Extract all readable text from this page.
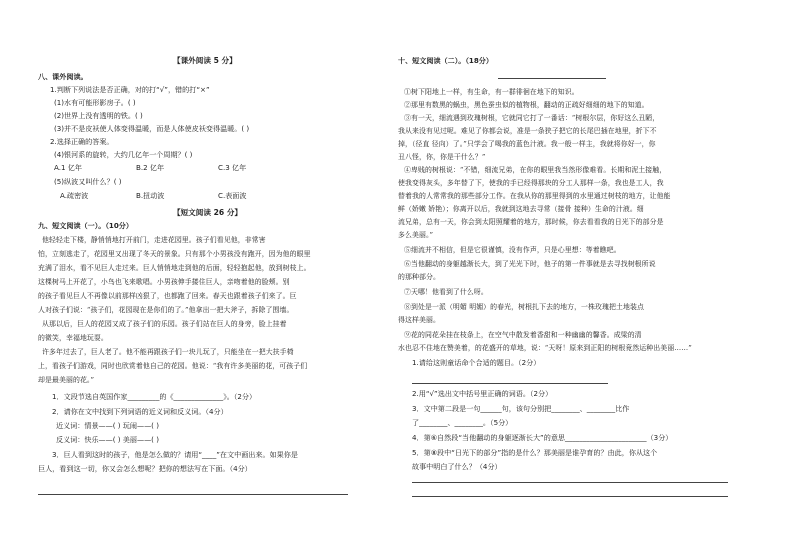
【课外阅读 5 分】
八、课外阅读。
1.判断下列说法是否正确，对的打“√”，错的打“×”
(1)水有可能形影房子。( )
(2)世界上没有透明的铁。( )
(3)并不是皮袄使人体变得温暖，而是人体使皮袄变得温暖。( )
2.选择正确的答案。
(4)银河系的旋转，大约几亿年一个周期？( )
A.1 亿年	B.2 亿年	C.3 亿年
(5)纵波又叫什么？( )
A.疏密波	B.扭动波	C.表面波
【短文阅读 26 分】
九、短文阅读（一）。（10分）
他轻轻走下楼，静悄悄地打开前门，走进花园里。孩子们看见他，非常害
怕，立刻逃走了，花园里又出现了冬天的景象。只有那个小男孩没有跑开，因为他的眼里
充满了泪水，看不见巨人走过来。巨人悄悄地走到他的后面，轻轻抱起他，放到树枝上。
这棵树马上开花了，小鸟也飞来歌唱。小男孩伸手搂住巨人，亲吻着他的脸颊。别
的孩子看见巨人不再像以前那样凶狠了，也都跑了回来。春天也跟着孩子们来了。巨
人对孩子们说：“孩子们，花园现在是你们的了。”他拿出一把大斧子，拆除了围墙。
从那以后，巨人的花园又成了孩子们的乐园。孩子们站在巨人的身旁，脸上挂着
的微笑，幸福地玩耍。
许多年过去了，巨人老了。他不能再跟孩子们一块儿玩了，只能坐在一把大扶手椅
上，看孩子们游戏，同时也欣赏着他自己的花园。他说：“我有许多美丽的花，可孩子们
却是最美丽的花。”
1．文段节选自英国作家_________的《______________》。（2分）
2．请你在文中找到下列词语的近义词和反义词。（4分）
近义词：情景——( ) 玩闹——( )
反义词：快乐——( ) 美丽——( )
3．巨人看到这时的孩子，他是怎么做的？请用“____”在文中画出来。如果你是
巨人，看到这一切，你又会怎么想呢？把你的想法写在下面。（4分）
十、短文阅读（二）。（18分）
①树下阳地上一样，有生命，有一群徘徊在地下的知识。
②那里有数黑的蜗虫，黑色蚕虫似的植物根，翻动的正疏好细细的地下的知道。
③有一天，细流遇到玫瑰树根，它就同它打了一番话：“树根尔层，你好这么丑陋，
我从来没有见过呢。难见了你都会说，准是一条狭子把它的长尾巴插在地里，折下不
掉，（径直 径向）了。”只学会了喝我的蓝色汁液。我一般一样主，我就将你好一，你
丑八怪，你，你是干什么？”
④卑贱的树根说：“不错，细流兄弟，在你的眼里我当然形像难看。长期和泥土接触，
使我变得灰头，多年替了下，使我的手已经得那块的分工人那样一条，我也是工人，我
替着我的人常常我的那些部分工作。在我从你的那里得到的水里通过树枝的地方，让他能
鲜（娇嫩 娇艳）；你离开以后，我就到这地去寻常（接骨 接种）生命的汁液。细
流兄弟，总有一天，你会到太阳照耀着的地方，那时候，你去看看我的日光下的部分是
多么美丽。”
⑤细流并不相信，但是它很谨慎，没有作声，只是心里想：等着瞧吧。
⑥当他翻动的身躯越渐长大，到了光光下时，他子的第一件事就是去寻找树根所说
的那种部分。
⑦天哪！他看到了什么呀。
⑧到处是一派（明媚 明媚）的春光，树根扎下去的地方，一株玫瑰把土地装点
得这样美丽。
⑨花的同花朵挂在枝条上，在空气中散发着香甜和一种幽幽的馨香。成梁的清
水也忍不住地在赞美着，的花盛开的草地，说：“天呀！原来到正阳的树根竟然运种出美丽……”
1.请给这则童话命个合适的题目。（2分）
2.用“√”选出文中括号里正确的词语。（2分）
3．文中第二段是一句______句，该句分别把________、________比作
了________、________。（5分）
4．第⑥自然段“当他翻动的身躯逐渐长大”的意思_______________________（3分）
5．第⑧段中“日光下的部分”指的是什么？那美丽是谁孕育的？由此，你从这个
故事中明白了什么？（4分）
